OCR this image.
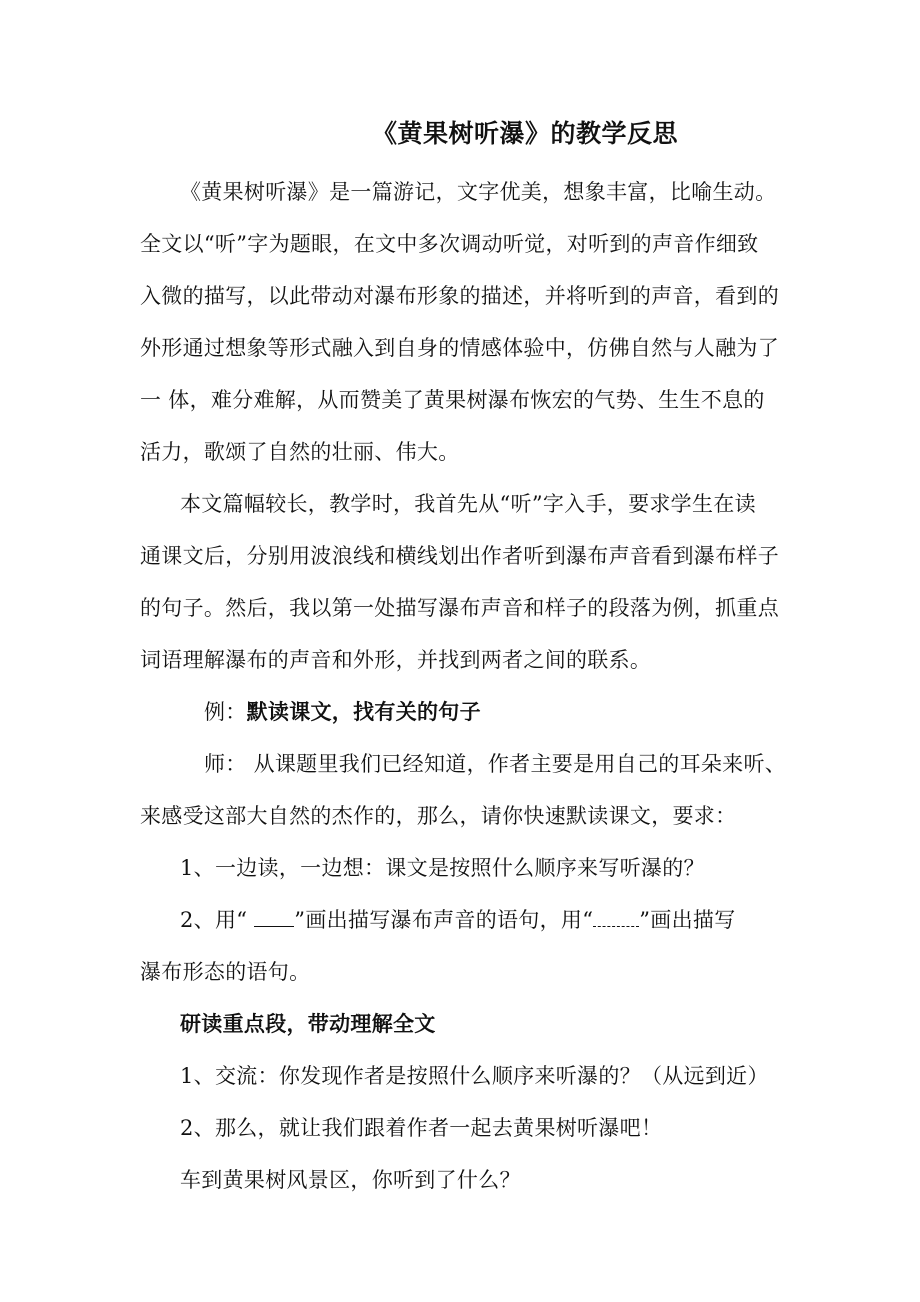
《黄果树听瀑》的教学反思
《黄果树听瀑》是一篇游记，文字优美，想象丰富，比喻生动。
全文以“听”字为题眼，在文中多次调动听觉，对听到的声音作细致
入微的描写，以此带动对瀑布形象的描述，并将听到的声音，看到的
外形通过想象等形式融入到自身的情感体验中，仿佛自然与人融为了
一 体，难分难解，从而赞美了黄果树瀑布恢宏的气势、生生不息的
活力，歌颂了自然的壮丽、伟大。
本文篇幅较长，教学时，我首先从“听”字入手，要求学生在读
通课文后，分别用波浪线和横线划出作者听到瀑布声音看到瀑布样子
的句子。然后，我以第一处描写瀑布声音和样子的段落为例，抓重点
词语理解瀑布的声音和外形，并找到两者之间的联系。
例：默读课文，找有关的句子
师： 从课题里我们已经知道，作者主要是用自己的耳朵来听、
来感受这部大自然的杰作的，那么，请你快速默读课文，要求：
1、一边读，一边想：课文是按照什么顺序来写听瀑的？
2、用“ ”画出描写瀑布声音的语句，用“ ”画出描写
瀑布形态的语句。
研读重点段，带动理解全文
1、交流：你发现作者是按照什么顺序来听瀑的？（从远到近）
2、那么，就让我们跟着作者一起去黄果树听瀑吧！
车到黄果树风景区，你听到了什么？
